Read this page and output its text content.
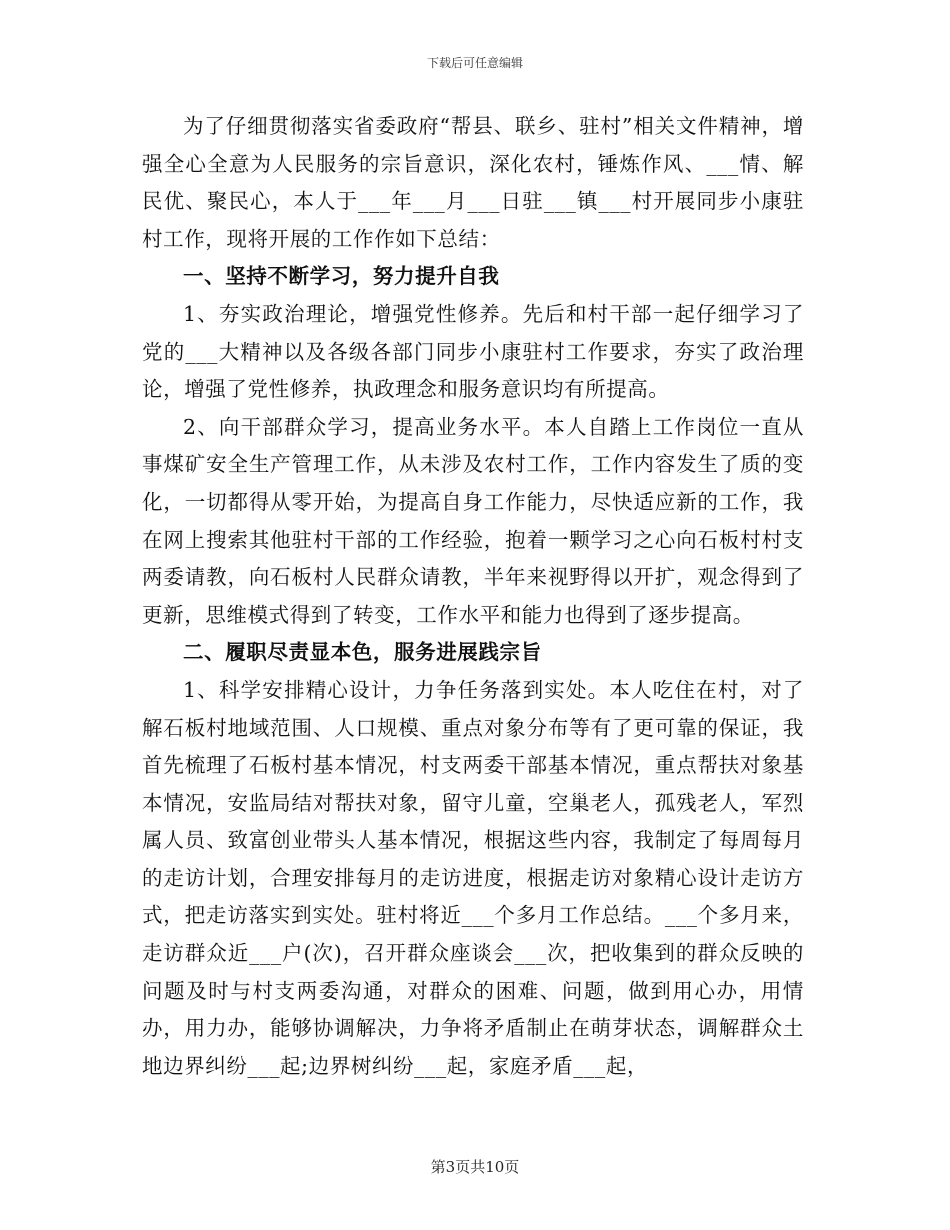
下载后可任意编辑

为了仔细贯彻落实省委政府“帮县、联乡、驻村”相关文件精神，增强全心全意为人民服务的宗旨意识，深化农村，锤炼作风、___情、解民优、聚民心，本人于___年___月___日驻___镇___村开展同步小康驻村工作，现将开展的工作作如下总结：

一、坚持不断学习，努力提升自我

1、夯实政治理论，增强党性修养。先后和村干部一起仔细学习了党的___大精神以及各级各部门同步小康驻村工作要求，夯实了政治理论，增强了党性修养，执政理念和服务意识均有所提高。

2、向干部群众学习，提高业务水平。本人自踏上工作岗位一直从事煤矿安全生产管理工作，从未涉及农村工作，工作内容发生了质的变化，一切都得从零开始，为提高自身工作能力，尽快适应新的工作，我在网上搜索其他驻村干部的工作经验，抱着一颗学习之心向石板村村支两委请教，向石板村人民群众请教，半年来视野得以开扩，观念得到了更新，思维模式得到了转变，工作水平和能力也得到了逐步提高。

二、履职尽责显本色，服务进展践宗旨

1、科学安排精心设计，力争任务落到实处。本人吃住在村，对了解石板村地域范围、人口规模、重点对象分布等有了更可靠的保证，我首先梳理了石板村基本情况，村支两委干部基本情况，重点帮扶对象基本情况，安监局结对帮扶对象，留守儿童，空巢老人，孤残老人，军烈属人员、致富创业带头人基本情况，根据这些内容，我制定了每周每月的走访计划，合理安排每月的走访进度，根据走访对象精心设计走访方式，把走访落实到实处。驻村将近___个多月工作总结。___个多月来，走访群众近___户(次)，召开群众座谈会___次，把收集到的群众反映的问题及时与村支两委沟通，对群众的困难、问题，做到用心办，用情办，用力办，能够协调解决，力争将矛盾制止在萌芽状态，调解群众土地边界纠纷___起;边界树纠纷___起，家庭矛盾___起，

第3页共10页
